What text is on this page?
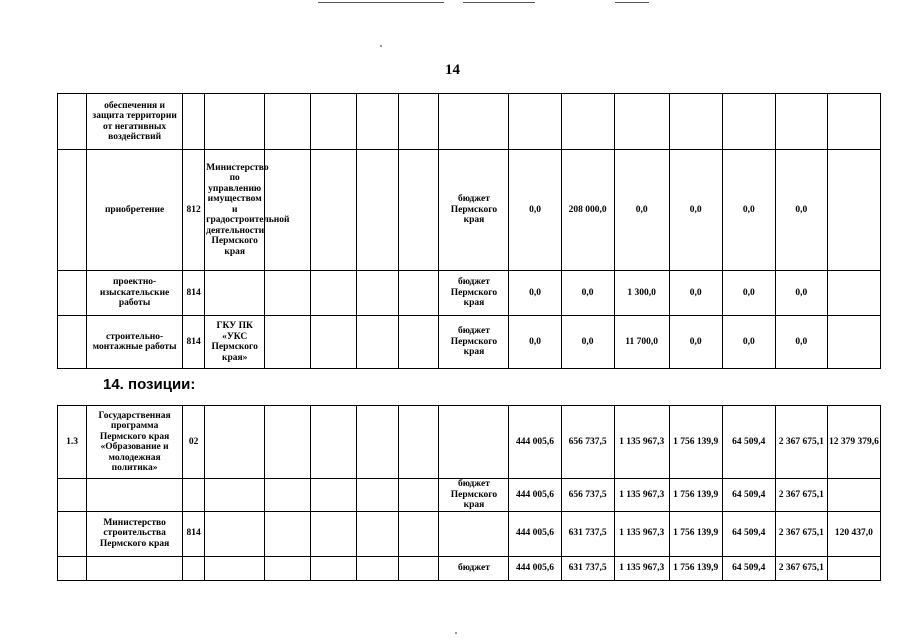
14
	обеспечения и защита территории от негативных воздействий														
	приобретение	812	Министерство по управлению имуществом и градостроительной деятельности Пермского края					бюджет Пермского края	0,0	208 000,0	0,0	0,0	0,0	0,0	
	проектно-изыскательские работы	814						бюджет Пермского края	0,0	0,0	1 300,0	0,0	0,0	0,0	
	строительно-монтажные работы	814	ГКУ ПК «УКС Пермского края»					бюджет Пермского края	0,0	0,0	11 700,0	0,0	0,0	0,0	
14. позиции:
1.3	Государственная программа Пермского края «Образование и молодежная политика»	02							444 005,6	656 737,5	1 135 967,3	1 756 139,9	64 509,4	2 367 675,1	12 379 379,6
								бюджет Пермского края	444 005,6	656 737,5	1 135 967,3	1 756 139,9	64 509,4	2 367 675,1	
	Министерство строительства Пермского края	814							444 005,6	631 737,5	1 135 967,3	1 756 139,9	64 509,4	2 367 675,1	120 437,0
								бюджет	444 005,6	631 737,5	1 135 967,3	1 756 139,9	64 509,4	2 367 675,1	
